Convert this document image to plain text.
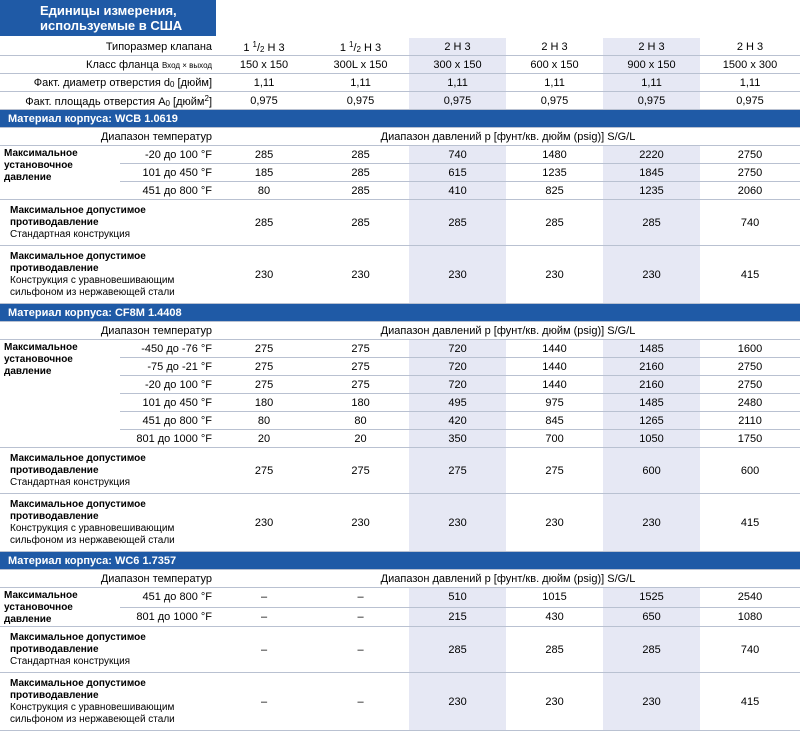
Единицы измерения, используемые в США
Типоразмер клапана		1 $^1$/2 H 3	1 $^1$/2 H 3	2 H 3	2 H 3	2 H 3	2 H 3
Класс фланца Вход × выход		150 x 150	300L x 150	300 x 150	600 x 150	900 x 150	1500 x 300
Факт. диаметр отверстия d0 [дюйм]		1,11	1,11	1,11	1,11	1,11	1,11
Факт. площадь отверстия A0 [дюйм$^2$]		0,975	0,975	0,975	0,975	0,975	0,975
Материал корпуса: WCB 1.0619							
Диапазон температур		Диапазон давлений p [фунт/кв. дюйм (psig)] S/G/L					
Максимальное установочное давление	-20 до 100 °F	285	285	740	1480	2220	2750
	101 до 450 °F	185	285	615	1235	1845	2750
	451 до 800 °F	80	285	410	825	1235	2060

Максимальное допустимое противодавление
Стандартная конструкция		285	285	285	285	285	740

Максимальное допустимое противодавление
Конструкция с уравновешивающим сильфоном из нержавеющей стали		230	230	230	230	230	415
Материал корпуса: CF8M 1.4408							
Диапазон температур		Диапазон давлений p [фунт/кв. дюйм (psig)] S/G/L					
Максимальное установочное давление	-450 до -76 °F	275	275	720	1440	1485	1600
	-75 до -21 °F	275	275	720	1440	2160	2750
	-20 до 100 °F	275	275	720	1440	2160	2750
	101 до 450 °F	180	180	495	975	1485	2480
	451 до 800 °F	80	80	420	845	1265	2110
	801 до 1000 °F	20	20	350	700	1050	1750

Максимальное допустимое противодавление
Стандартная конструкция		275	275	275	275	600	600

Максимальное допустимое противодавление
Конструкция с уравновешивающим сильфоном из нержавеющей стали		230	230	230	230	230	415
Материал корпуса: WC6 1.7357							
Диапазон температур		Диапазон давлений p [фунт/кв. дюйм (psig)] S/G/L					
Максимальное установочное давление	451 до 800 °F	–	–	510	1015	1525	2540
	801 до 1000 °F	–	–	215	430	650	1080

Максимальное допустимое противодавление
Стандартная конструкция		–	–	285	285	285	740

Максимальное допустимое противодавление
Конструкция с уравновешивающим сильфоном из нержавеющей стали		–	–	230	230	230	415
